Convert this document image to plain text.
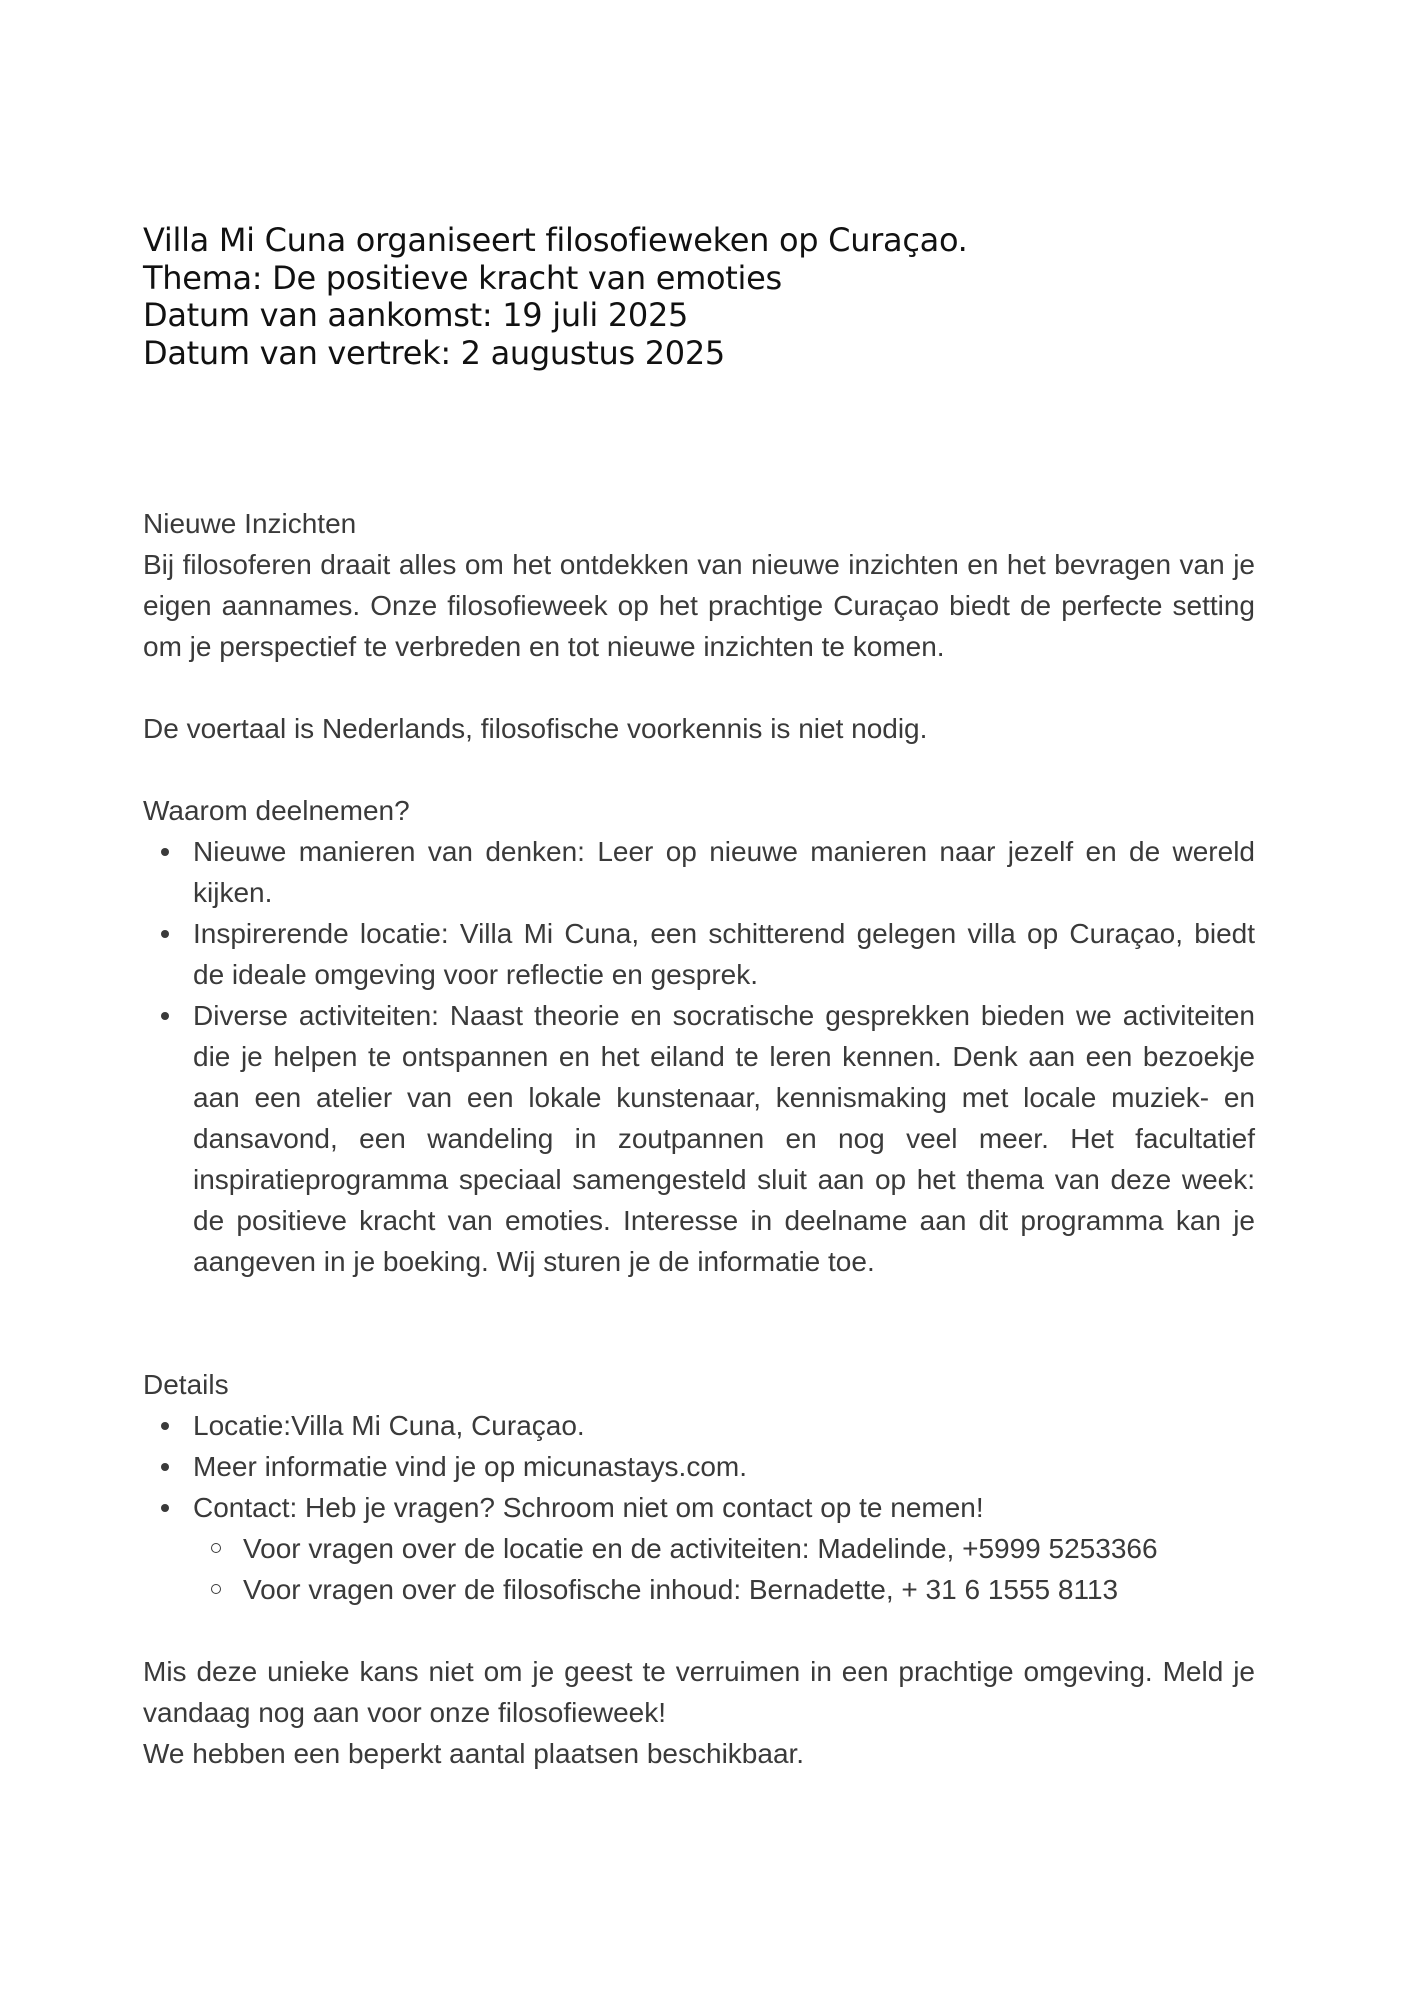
Villa Mi Cuna organiseert filosofieweken op Curaçao.
Thema: De positieve kracht van emoties
Datum van aankomst: 19 juli 2025
Datum van vertrek: 2 augustus 2025

Nieuwe Inzichten

Bij filosoferen draait alles om het ontdekken van nieuwe inzichten en het bevragen van je eigen aannames. Onze filosofieweek op het prachtige Curaçao biedt de perfecte setting om je perspectief te verbreden en tot nieuwe inzichten te komen.

De voertaal is Nederlands, filosofische voorkennis is niet nodig.

Waarom deelnemen?

Nieuwe manieren van denken: Leer op nieuwe manieren naar jezelf en de wereld kijken.
Inspirerende locatie: Villa Mi Cuna, een schitterend gelegen villa op Curaçao, biedt de ideale omgeving voor reflectie en gesprek.
Diverse activiteiten: Naast theorie en socratische gesprekken bieden we activiteiten die je helpen te ontspannen en het eiland te leren kennen. Denk aan een bezoekje aan een atelier van een lokale kunstenaar, kennismaking met locale muziek- en dansavond, een wandeling in zoutpannen en nog veel meer. Het facultatief inspiratieprogramma speciaal samengesteld sluit aan op het thema van deze week: de positieve kracht van emoties. Interesse in deelname aan dit programma kan je aangeven in je boeking. Wij sturen je de informatie toe.

Details

Locatie:Villa Mi Cuna, Curaçao.
Meer informatie vind je op micunastays.com.
Contact: Heb je vragen? Schroom niet om contact op te nemen!
Voor vragen over de locatie en de activiteiten: Madelinde, +5999 5253366
Voor vragen over de filosofische inhoud: Bernadette, + 31 6 1555 8113

Mis deze unieke kans niet om je geest te verruimen in een prachtige omgeving. Meld je vandaag nog aan voor onze filosofieweek!

We hebben een beperkt aantal plaatsen beschikbaar.
